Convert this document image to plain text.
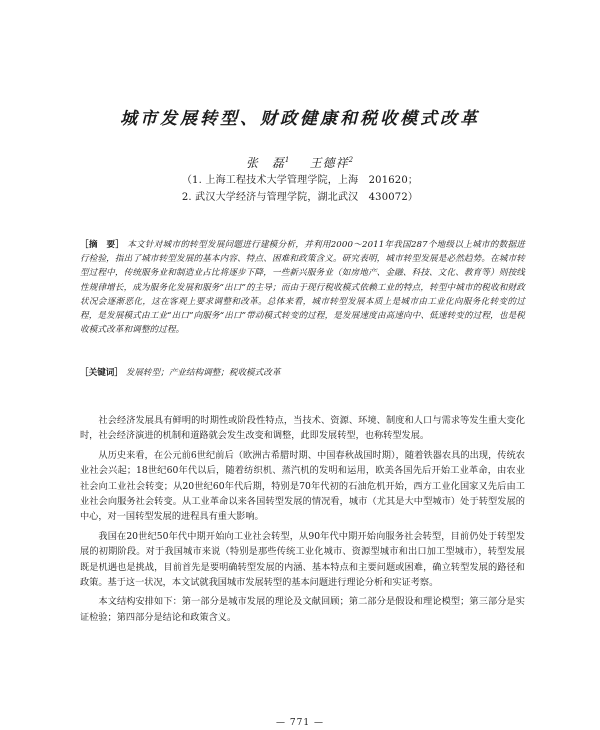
城市发展转型、财政健康和税收模式改革
张　磊$^1$ 王德祥$^2$
（1. 上海工程技术大学管理学院，上海　201620；
2. 武汉大学经济与管理学院，湖北武汉　430072）
［摘　要］ 本文针对城市的转型发展问题进行建模分析，并利用2000～2011年我国287个地级以上城市的数据进行检验，指出了城市转型发展的基本内容、特点、困难和政策含义。研究表明，城市转型发展是必然趋势。在城市转型过程中，传统服务业和制造业占比将逐步下降，一些新兴服务业（如房地产、金融、科技、文化、教育等）则按线性规律增长，成为服务化发展和服务“出口”的主导；而由于现行税收模式依赖工业的特点，转型中城市的税收和财政状况会逐渐恶化，这在客观上要求调整和改革。总体来看，城市转型发展本质上是城市由工业化向服务化转变的过程，是发展模式由工业“出口”向服务“出口”带动模式转变的过程，是发展速度由高速向中、低速转变的过程，也是税收模式改革和调整的过程。
［关键词］ 发展转型；产业结构调整；税收模式改革

社会经济发展具有鲜明的时期性或阶段性特点，当技术、资源、环境、制度和人口与需求等发生重大变化时，社会经济演进的机制和道路就会发生改变和调整，此即发展转型，也称转型发展。

从历史来看，在公元前6世纪前后（欧洲古希腊时期、中国春秋战国时期），随着铁器农具的出现，传统农业社会兴起；18世纪60年代以后，随着纺织机、蒸汽机的发明和运用，欧美各国先后开始工业革命，由农业社会向工业社会转变；从20世纪60年代后期，特别是70年代初的石油危机开始，西方工业化国家又先后由工业社会向服务社会转变。从工业革命以来各国转型发展的情况看，城市（尤其是大中型城市）处于转型发展的中心，对一国转型发展的进程具有重大影响。

我国在20世纪50年代中期开始向工业社会转型，从90年代中期开始向服务社会转型，目前仍处于转型发展的初期阶段。对于我国城市来说（特别是那些传统工业化城市、资源型城市和出口加工型城市），转型发展既是机遇也是挑战，目前首先是要明确转型发展的内涵、基本特点和主要问题或困难，确立转型发展的路径和政策。基于这一状况，本文试就我国城市发展转型的基本问题进行理论分析和实证考察。

本文结构安排如下：第一部分是城市发展的理论及文献回顾；第二部分是假设和理论模型；第三部分是实证检验；第四部分是结论和政策含义。

— 771 —
